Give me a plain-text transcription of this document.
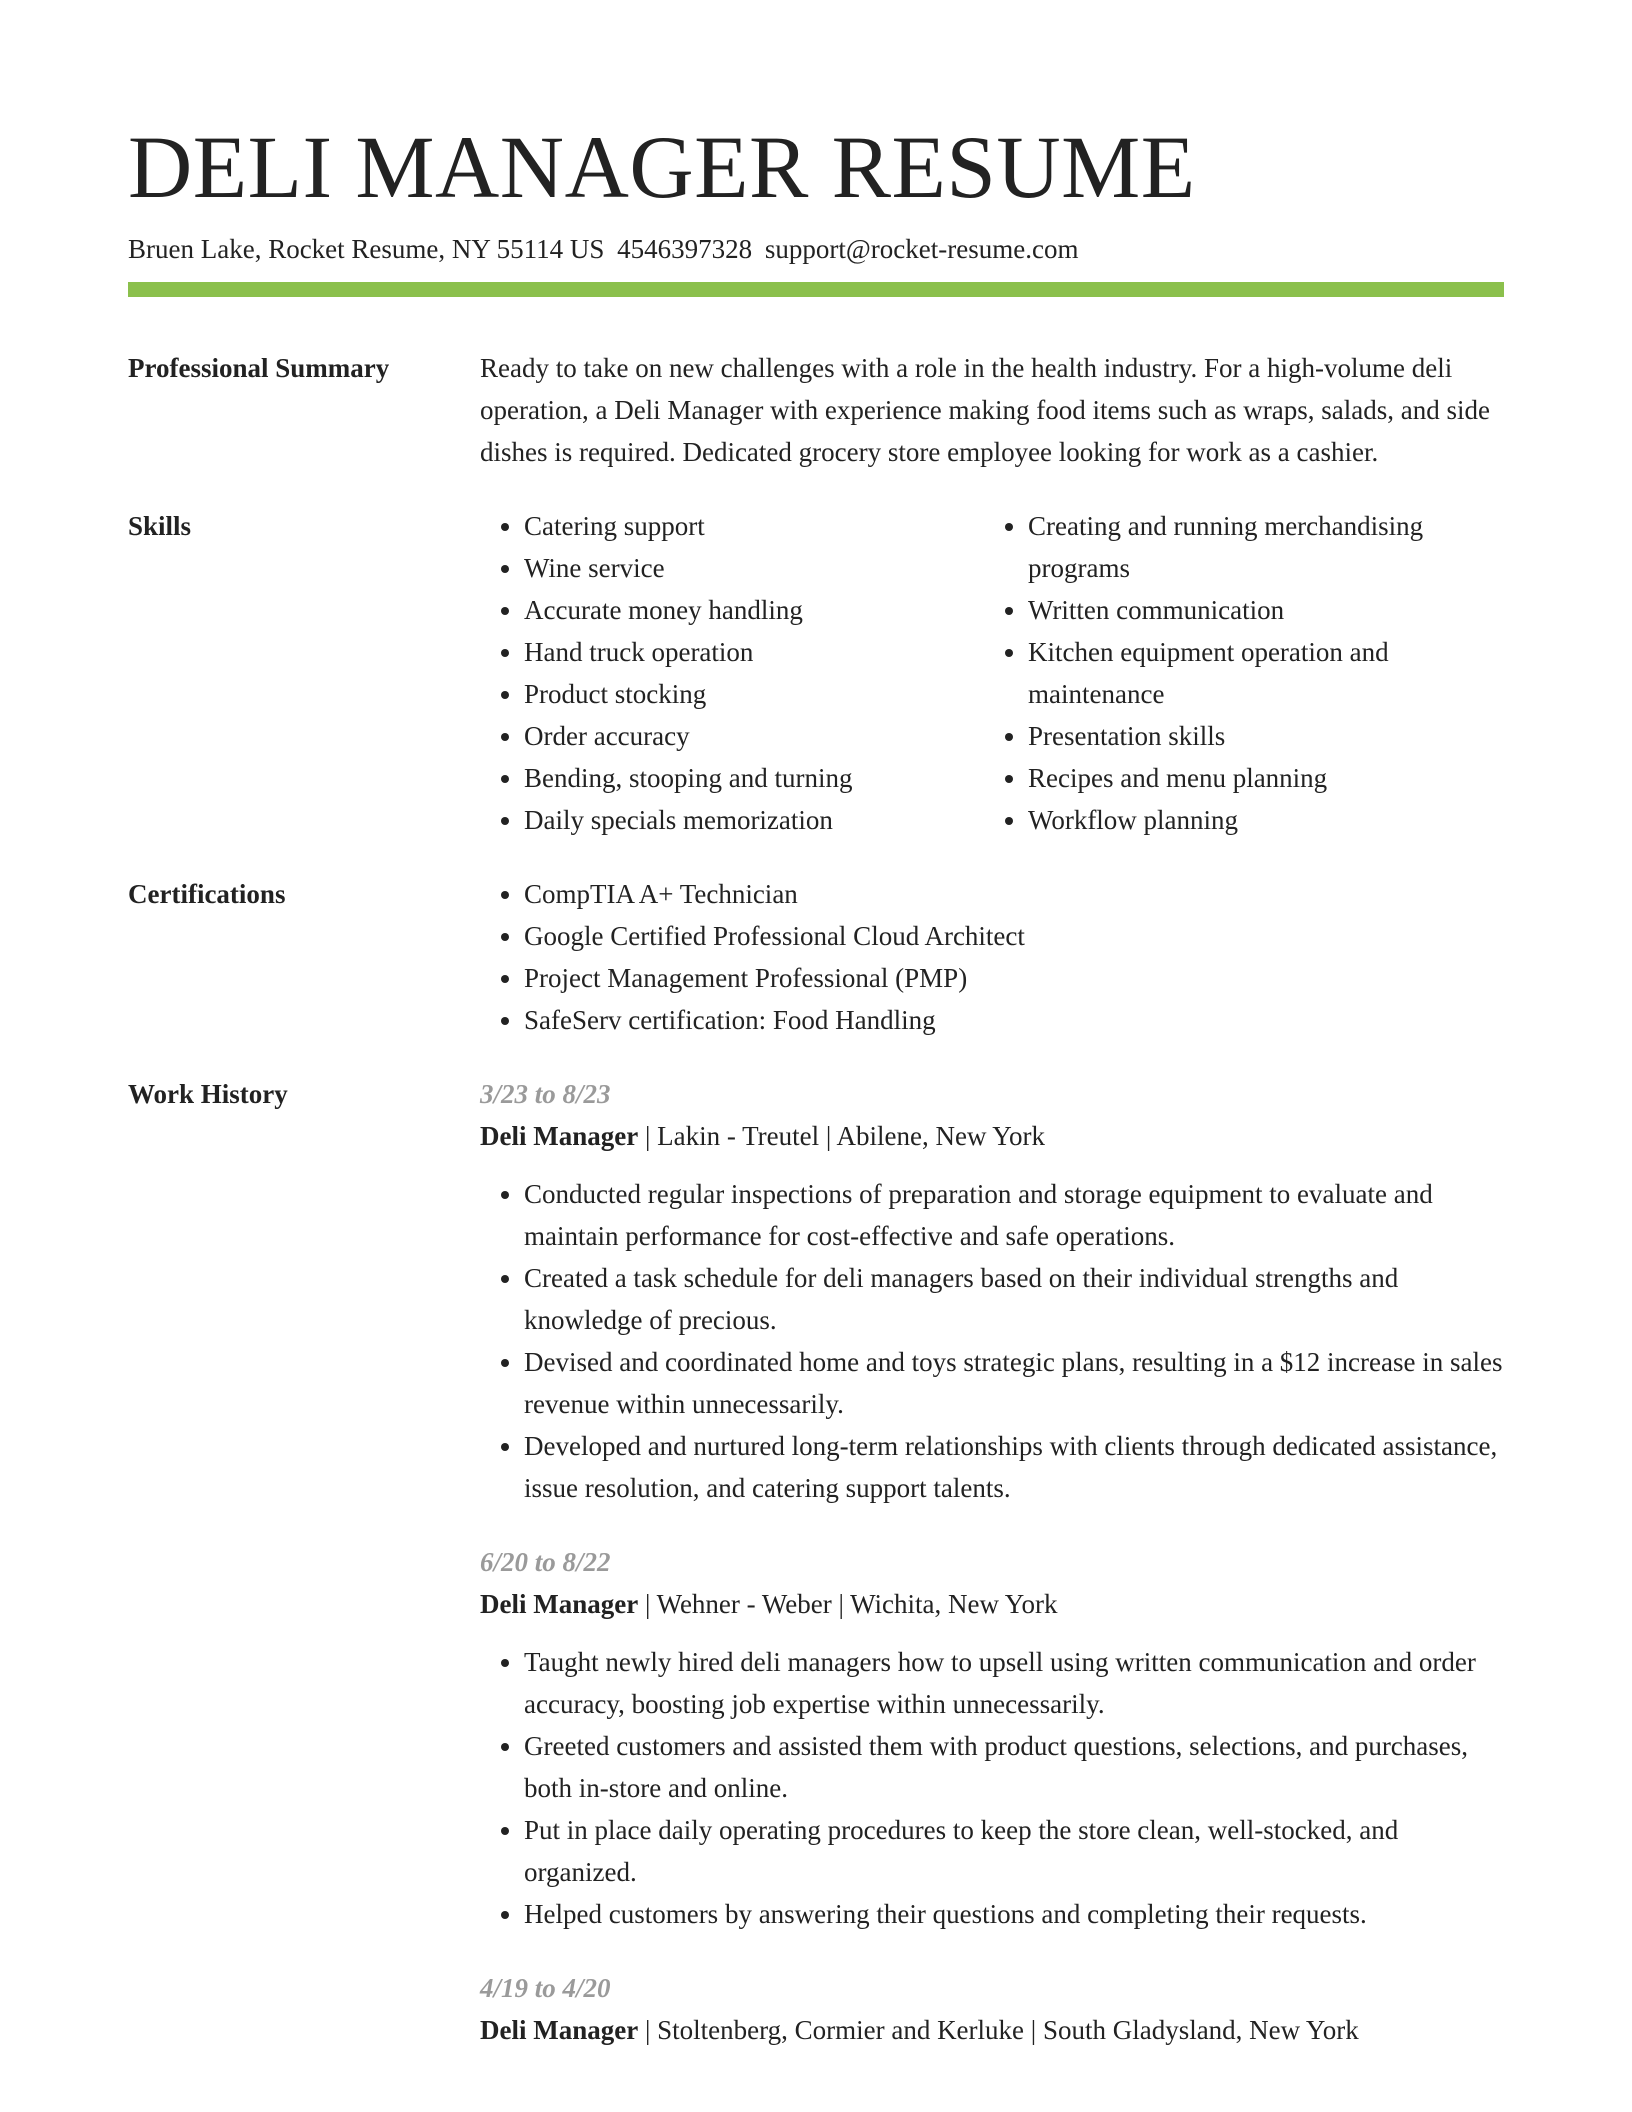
DELI MANAGER RESUME
Bruen Lake, Rocket Resume, NY 55114 US 4546397328 support@rocket-resume.com
Professional Summary	Ready to take on new challenges with a role in the health industry. For a high-volume deli operation, a Deli Manager with experience making food items such as wraps, salads, and side dishes is required. Dedicated grocery store employee looking for work as a cashier.
Skills	• Catering support
• Wine service
• Accurate money handling
• Hand truck operation
• Product stocking
• Order accuracy
• Bending, stooping and turning
• Daily specials memorization
• Creating and running merchandising programs
• Written communication
• Kitchen equipment operation and maintenance
• Presentation skills
• Recipes and menu planning
• Workflow planning
Certifications	• CompTIA A+ Technician
• Google Certified Professional Cloud Architect
• Project Management Professional (PMP)
• SafeServ certification: Food Handling
Work History	3/23 to 8/23
Deli Manager | Lakin - Treutel | Abilene, New York
• Conducted regular inspections of preparation and storage equipment to evaluate and maintain performance for cost-effective and safe operations.
• Created a task schedule for deli managers based on their individual strengths and knowledge of precious.
• Devised and coordinated home and toys strategic plans, resulting in a $12 increase in sales revenue within unnecessarily.
• Developed and nurtured long-term relationships with clients through dedicated assistance, issue resolution, and catering support talents.
6/20 to 8/22
Deli Manager | Wehner - Weber | Wichita, New York
• Taught newly hired deli managers how to upsell using written communication and order accuracy, boosting job expertise within unnecessarily.
• Greeted customers and assisted them with product questions, selections, and purchases, both in-store and online.
• Put in place daily operating procedures to keep the store clean, well-stocked, and organized.
• Helped customers by answering their questions and completing their requests.
4/19 to 4/20
Deli Manager | Stoltenberg, Cormier and Kerluke | South Gladysland, New York
